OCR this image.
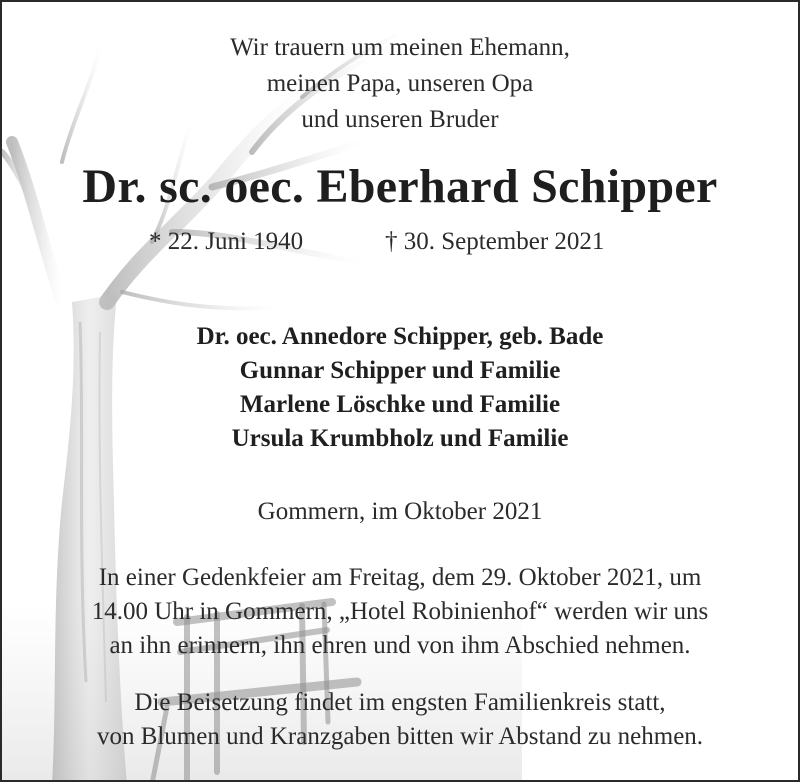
Wir trauern um meinen Ehemann,
meinen Papa, unseren Opa
und unseren Bruder
Dr. sc. oec. Eberhard Schipper
* 22. Juni 1940	† 30. September 2021
Dr. oec. Annedore Schipper, geb. Bade
Gunnar Schipper und Familie
Marlene Löschke und Familie
Ursula Krumbholz und Familie
Gommern, im Oktober 2021
In einer Gedenkfeier am Freitag, dem 29. Oktober 2021, um
14.00 Uhr in Gommern, „Hotel Robinienhof“ werden wir uns
an ihn erinnern, ihn ehren und von ihm Abschied nehmen.
Die Beisetzung findet im engsten Familienkreis statt,
von Blumen und Kranzgaben bitten wir Abstand zu nehmen.
